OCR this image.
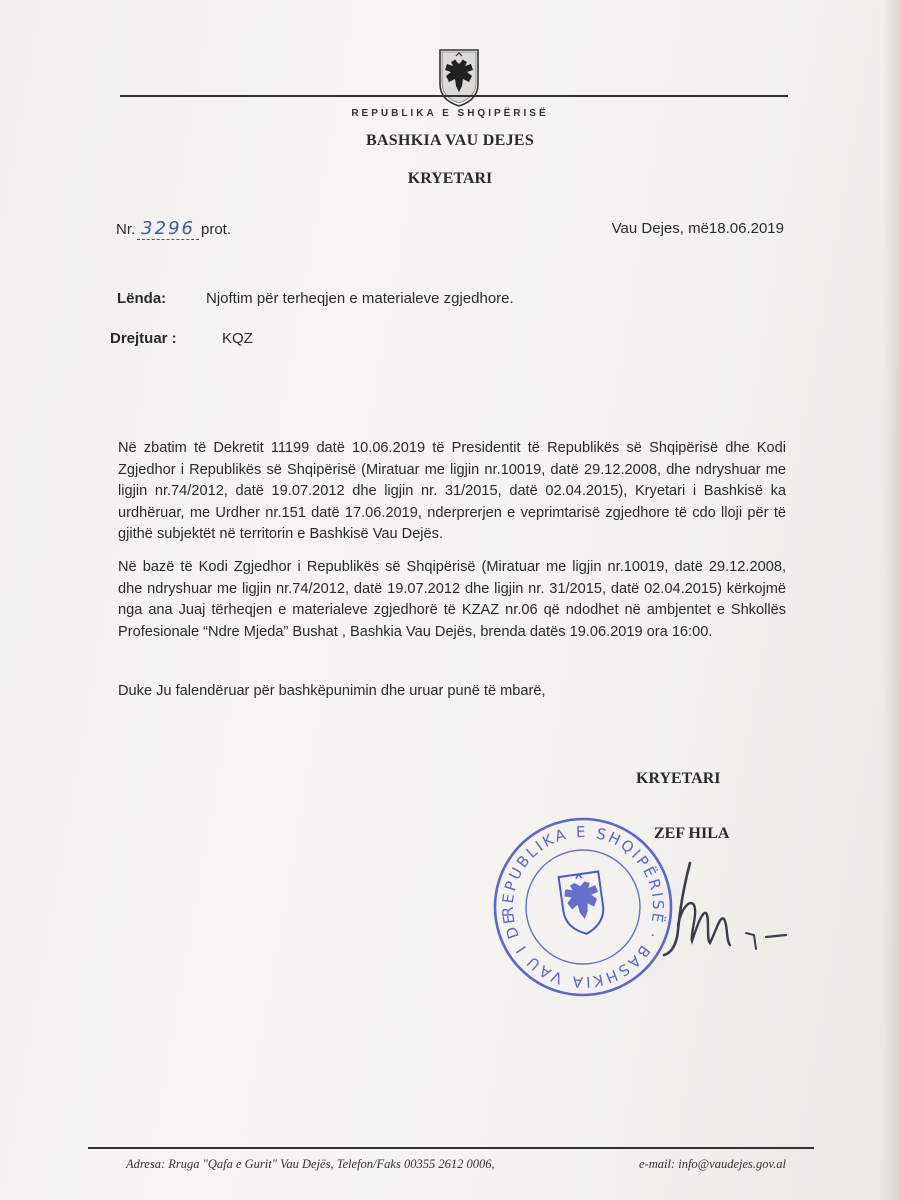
REPUBLIKA E SHQIPËRISË
BASHKIA VAU DEJES
KRYETARI
Nr. 3296 prot.	Vau Dejes, më18.06.2019
Lënda:	Njoftim për terheqjen e materialeve zgjedhore.
Drejtuar :	KQZ
Në zbatim të Dekretit 11199 datë 10.06.2019 të Presidentit të Republikës së Shqipërisë dhe Kodi Zgjedhor i Republikës së Shqipërisë (Miratuar me ligjin nr.10019, datë 29.12.2008, dhe ndryshuar me ligjin nr.74/2012, datë 19.07.2012 dhe ligjin nr. 31/2015, datë 02.04.2015), Kryetari i Bashkisë ka urdhëruar, me Urdher nr.151 datë 17.06.2019, nderprerjen e veprimtarisë zgjedhore të cdo lloji për të gjithë subjektët në territorin e Bashkisë Vau Dejës.
Në bazë të Kodi Zgjedhor i Republikës së Shqipërisë (Miratuar me ligjin nr.10019, datë 29.12.2008, dhe ndryshuar me ligjin nr.74/2012, datë 19.07.2012 dhe ligjin nr. 31/2015, datë 02.04.2015) kërkojmë nga ana Juaj tërheqjen e materialeve zgjedhorë të KZAZ nr.06 që ndodhet në ambjentet e Shkollës Profesionale “Ndre Mjeda” Bushat , Bashkia Vau Dejës, brenda datës 19.06.2019 ora 16:00.
Duke Ju falendëruar për bashkëpunimin dhe uruar punë të mbarë,
KRYETARI
ZEF HILA
REPUBLIKA E SHQIPËRISË · BASHKIA VAU I DEJËS
Adresa: Rruga "Qafa e Gurit" Vau Dejës, Telefon/Faks 00355 2612 0006,	e-mail: info@vaudejes.gov.al
